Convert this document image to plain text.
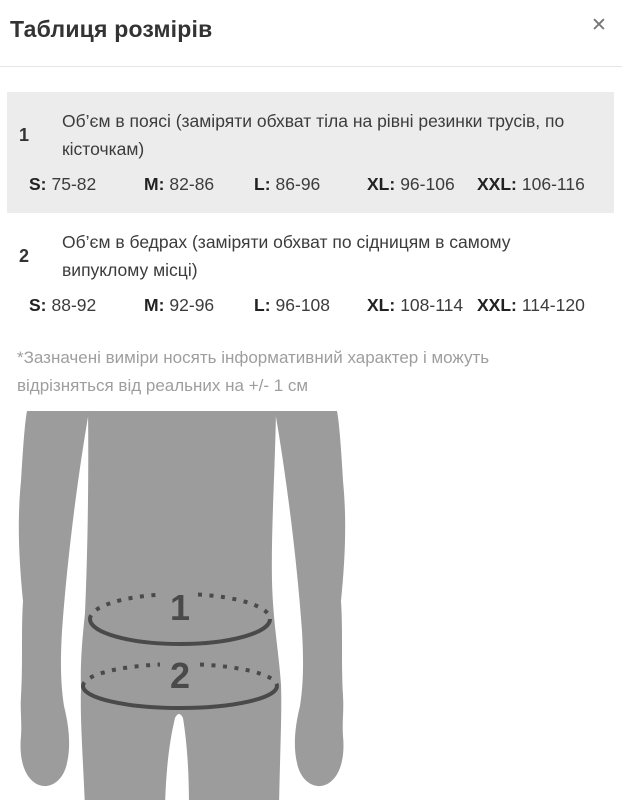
Таблиця розмірів	✕
1
Об’єм в поясі (заміряти обхват тіла на рівні резинки трусів, по кісточкам)
S: 75-82	M: 82-86	L: 86-96	XL: 96-106	XXL: 106-116
2
Об’єм в бедрах (заміряти обхват по сідницям в самому випуклому місці)
S: 88-92	M: 92-96	L: 96-108	XL: 108-114 XXL: 114-120
*Зазначені виміри носять інформативний характер і можуть відрізняться від реальних на +/- 1 см
1
2
